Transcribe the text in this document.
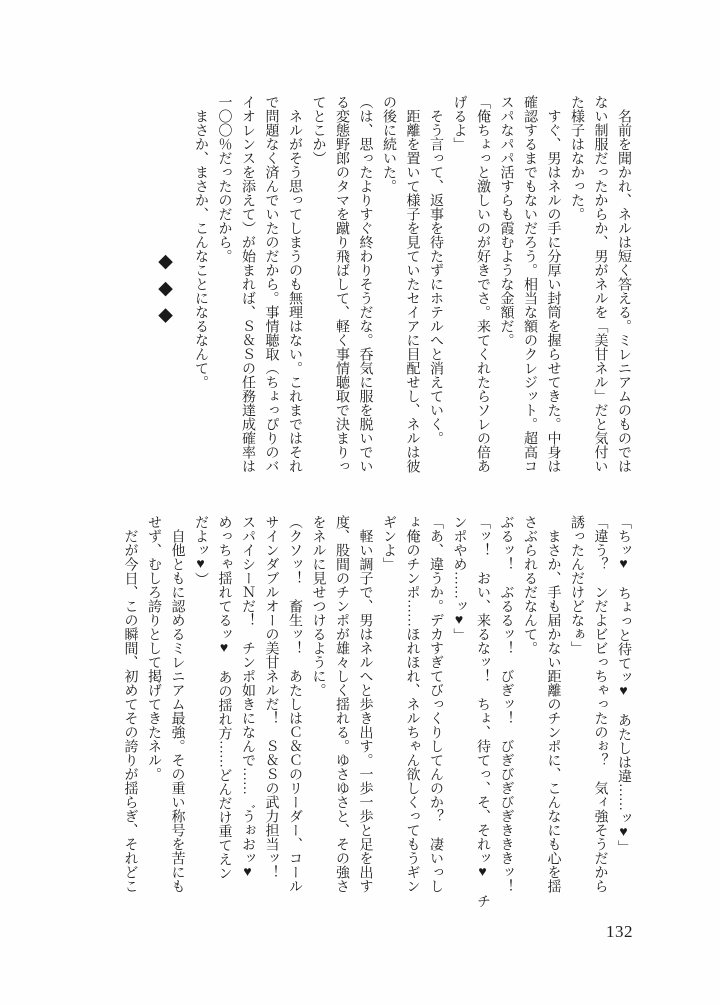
名前を聞かれ、ネルは短く答える。ミレニアムのものでは

ない制服だったからか、男がネルを「美甘ネル」だと気付い

た様子はなかった。

すぐ、男はネルの手に分厚い封筒を握らせてきた。中身は

確認するまでもないだろう。相当な額のクレジット。超高コ

スパなパパ活すらも霞むような金額だ。

「俺ちょっと激しいのが好きでさ。来てくれたらソレの倍あ

げるよ」

そう言って、返事を待たずにホテルへと消えていく。

距離を置いて様子を見ていたセイアに目配せし、ネルは彼

の後に続いた。

（は、思ったよりすぐ終わりそうだな。呑気に服を脱いでい

る変態野郎のタマを蹴り飛ばして、軽く事情聴取で決まりっ

てとこか）

ネルがそう思ってしまうのも無理はない。これまではそれ

で問題なく済んでいたのだから。事情聴取（ちょっぴりのバ

イオレンスを添えて）が始まれば、Ｓ＆Ｓの任務達成確率は

一〇〇％だったのだから。

まさか、まさか、こんなことになるなんて。

◆ ◆ ◆

「ちッ♥　ちょっと待てッ♥　あたしは違……ッ♥」

「違う？　ンだよビビっちゃったのぉ？　気ィ強そうだから

誘ったんだけどなぁ」

まさか、手も届かない距離のチンポに、こんなにも心を揺

さぶられるだなんて。

ぶるッ！　ぶるるッ！　びぎッ！　びぎびぎびぎきききッ！

「ッ！　おい、来るなッ！　ちょ、待てっ、そ、それッ♥　チ

ンポやめ……ッ♥」

「あ、違うか。デカすぎてびっくりしてんのか？　凄いっし

ょ俺のチンポ……ほれほれ、ネルちゃん欲しくってもうギン

ギンよ」

軽い調子で、男はネルへと歩き出す。一歩一歩と足を出す

度、股間のチンポが雄々しく揺れる。ゆさゆさと、その強さ

をネルに見せつけるように。

（クソッ！　畜生ッ！　あたしはＣ＆Ｃのリーダー、コール

サインダブルオーの美甘ネルだ！　Ｓ＆Ｓの武力担当ッ！

スパイシーＮだ！　チンポ如きになんで……゛うぉおッ♥

めっちゃ揺れてるッ♥　あの揺れ方……どんだけ重てえン

だよッ♥）

自他ともに認めるミレニアム最強。その重い称号を苦にも

せず、むしろ誇りとして掲げてきたネル。

だが今日、この瞬間、初めてその誇りが揺らぎ、それどこ

132
